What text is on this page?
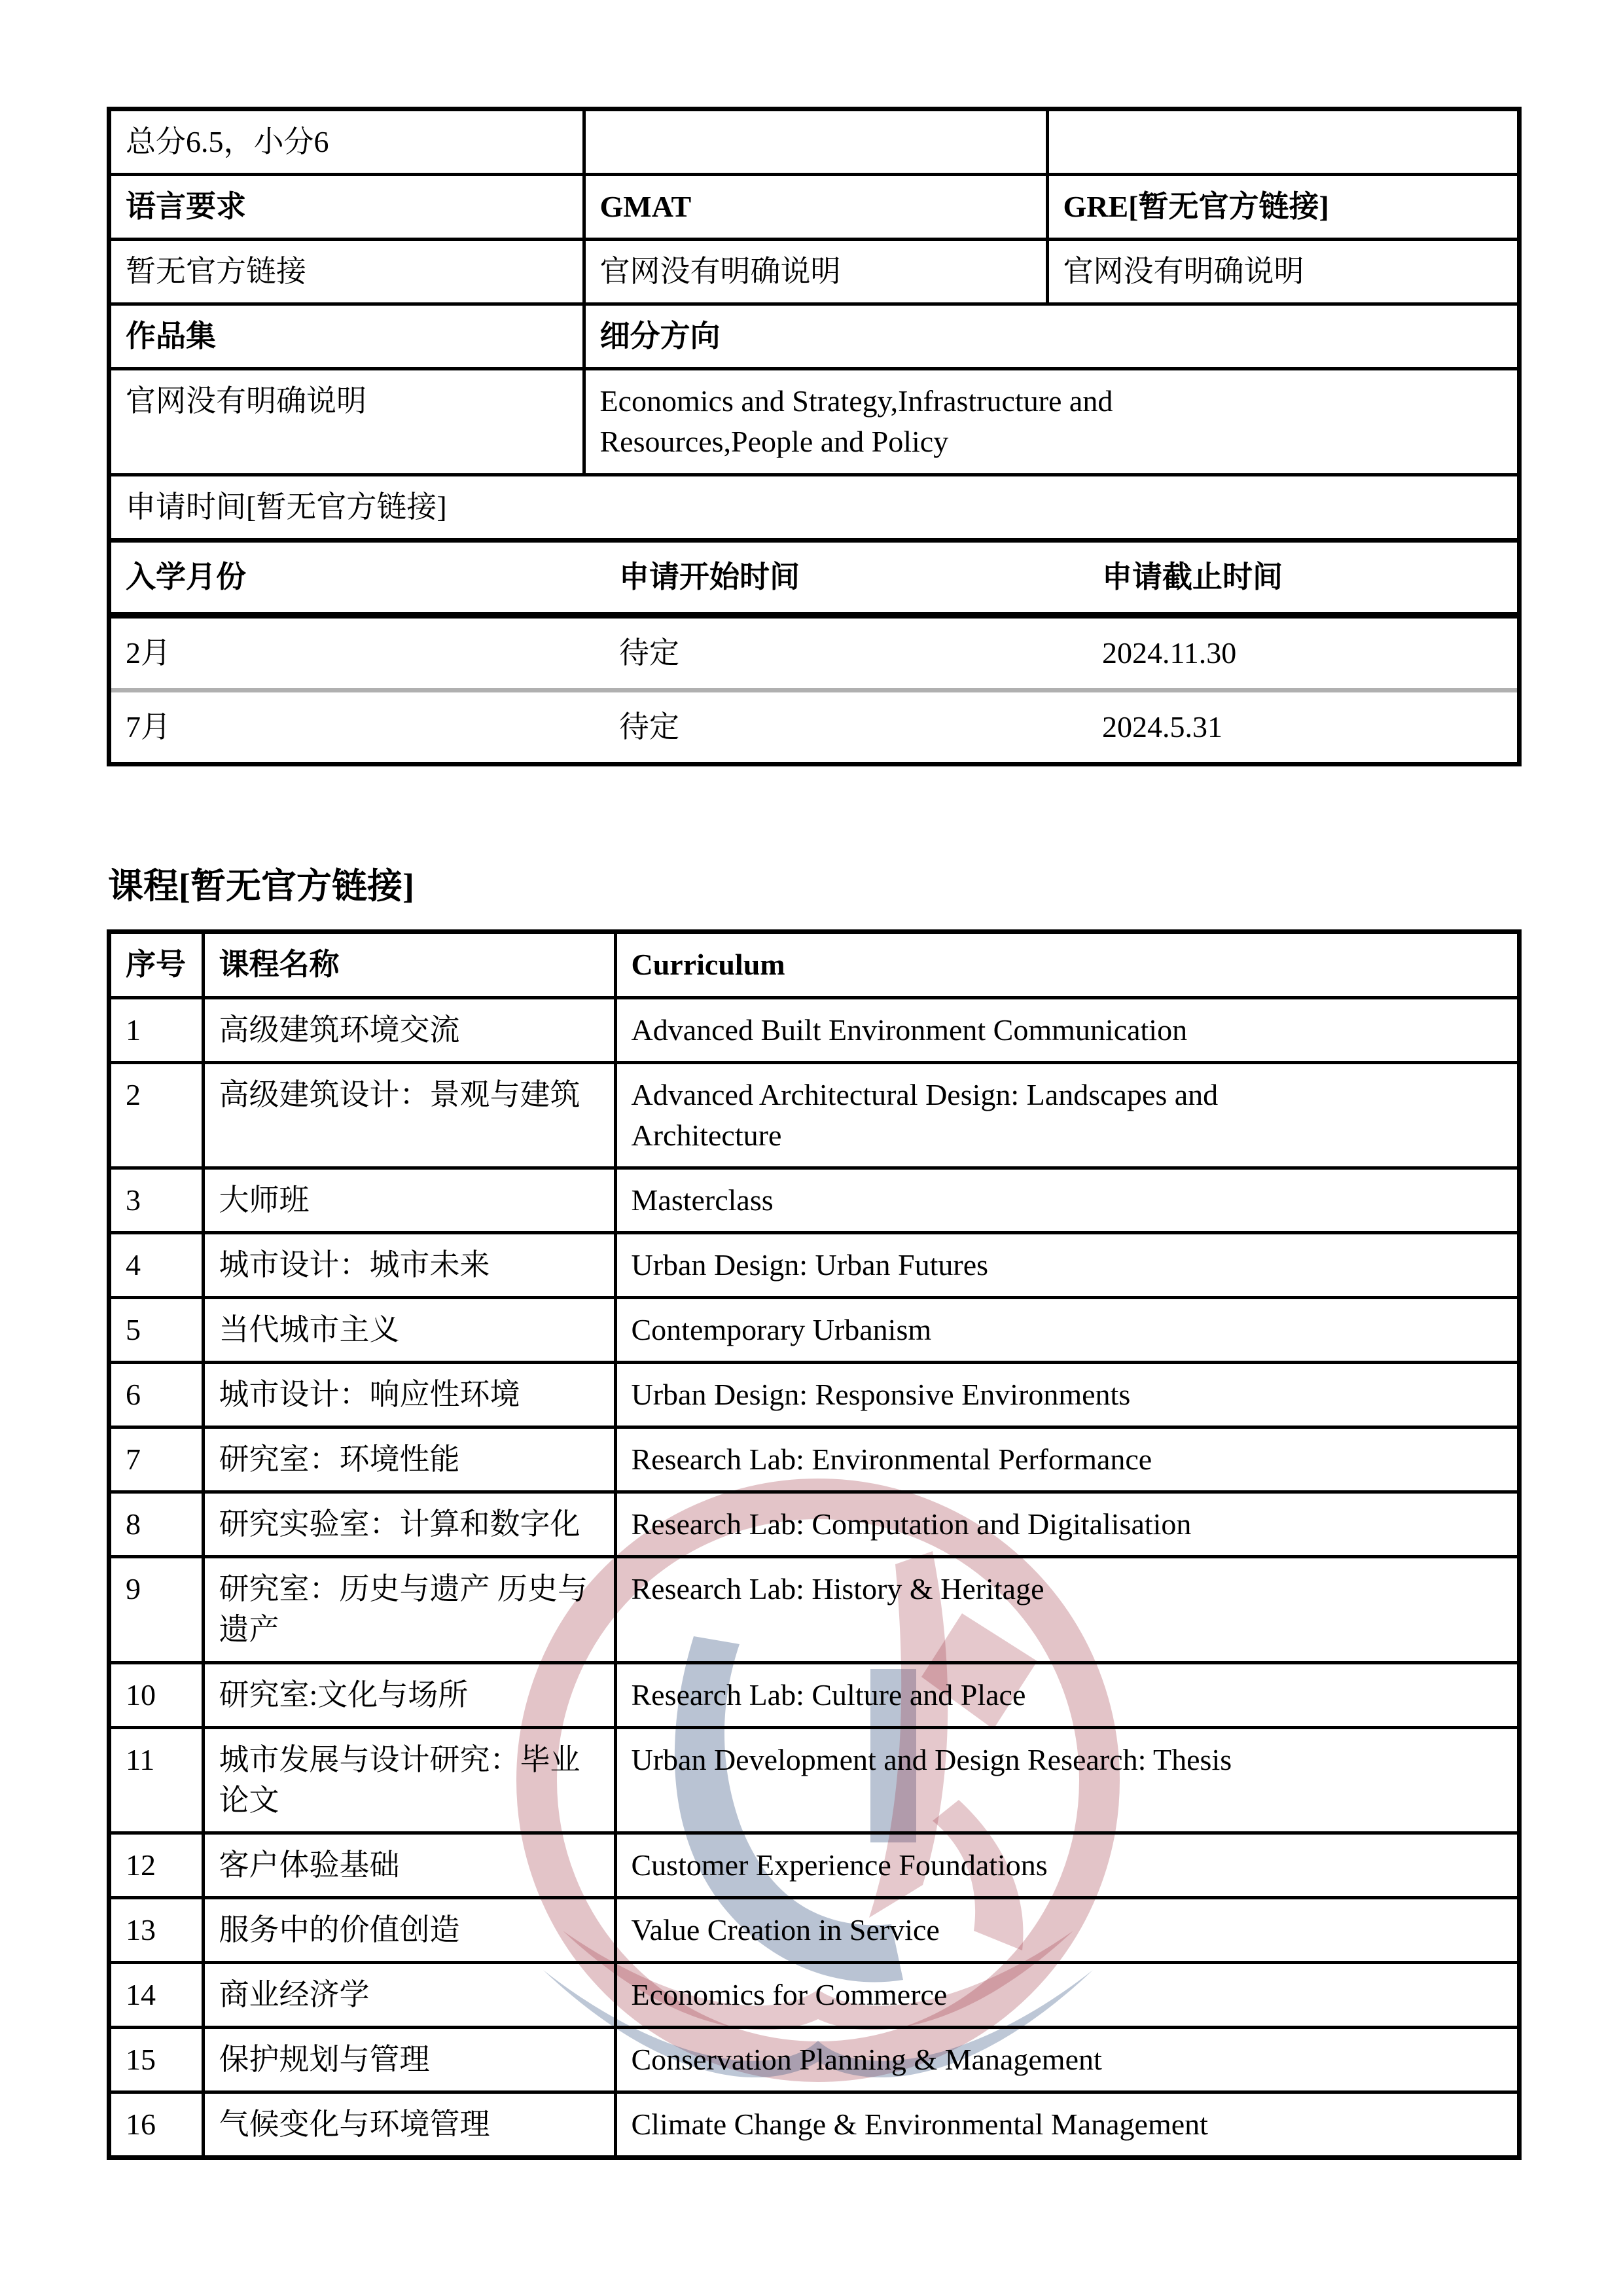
总分6.5，小分6		
语言要求	GMAT	GRE[暂无官方链接]
暂无官方链接	官网没有明确说明	官网没有明确说明
作品集	细分方向	
官网没有明确说明	Economics and Strategy,Infrastructure and Resources,People and Policy	

申请时间[暂无官方链接]		
入学月份	申请开始时间	申请截止时间
2月	待定	2024.11.30
7月	待定	2024.5.31
课程[暂无官方链接]
序号	课程名称	Curriculum
1	高级建筑环境交流	Advanced Built Environment Communication

2	高级建筑设计：景观与建筑	Advanced Architectural Design: Landscapes and Architecture

3	大师班	Masterclass

4	城市设计：城市未来	Urban Design: Urban Futures

5	当代城市主义	Contemporary Urbanism

6	城市设计：响应性环境	Urban Design: Responsive Environments

7	研究室：环境性能	Research Lab: Environmental Performance

8	研究实验室：计算和数字化	Research Lab: Computation and Digitalisation

9	研究室：历史与遗产 历史与遗产	Research Lab: History & Heritage

10	研究室:文化与场所	Research Lab: Culture and Place

11	城市发展与设计研究：毕业论文	Urban Development and Design Research: Thesis

12	客户体验基础	Customer Experience Foundations

13	服务中的价值创造	Value Creation in Service

14	商业经济学	Economics for Commerce

15	保护规划与管理	Conservation Planning & Management

16	气候变化与环境管理	Climate Change & Environmental Management
